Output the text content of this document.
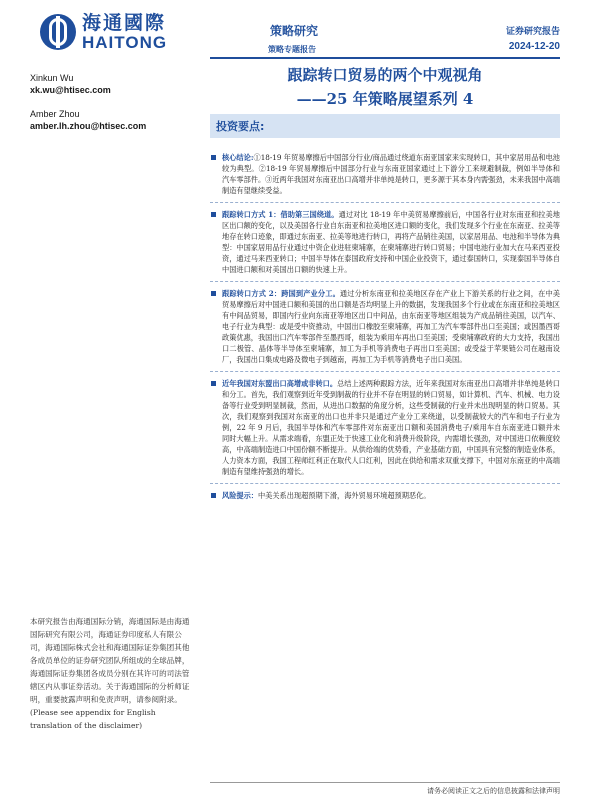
海通國際
HAITONG
策略研究
策略专题报告
证券研究报告
2024-12-20
Xinkun Wu
xk.wu@htisec.com
Amber Zhou
amber.lh.zhou@htisec.com
跟踪转口贸易的两个中观视角
——25 年策略展望系列 4
投资要点:
核心结论:①18-19 年贸易摩擦后中国部分行业/商品通过绕道东南亚国家来实现转口，其中家居用品和电池较为典型。②18-19 年贸易摩擦后中国部分行业与东南亚国家通过上下游分工来规避制裁，例如半导体和汽车零部件。③近两年我国对东南亚出口高增并非单纯是转口，更多源于其本身内需强劲，未来我国中高端制造有望继续受益。
跟踪转口方式 1：借助第三国绕道。通过对比 18-19 年中美贸易摩擦前后，中国各行业对东南亚和拉美地区出口额的变化，以及美国各行业自东南亚和拉美地区进口额的变化，我们发现多个行业在东南亚、拉美等地存在转口迹象，即通过东南亚、拉美等地进行转口，再将产品销往美国，以家居用品、电池和半导体为典型：中国家居用品行业通过中资企业进驻柬埔寨，在柬埔寨进行转口贸易；中国电池行业加大在马来西亚投资，通过马来西亚转口；中国半导体在泰国政府支持和中国企业投资下，通过泰国转口，实现泰国半导体自中国进口额和对美国出口额的快速上升。
跟踪转口方式 2：跨国到产业分工。通过分析东南亚和拉美地区存在产业上下游关系的行业之间，在中美贸易摩擦后对中国进口额和美国的出口额是否均明显上升的数据，发现我国多个行业或在东南亚和拉美地区有中间品贸易，即国内行业向东南亚等地区出口中间品，由东南亚等地区组装为产成品销往美国，以汽车、电子行业为典型：或是受中资推动，中国出口橡胶至柬埔寨，再加工为汽车零部件出口至美国；或因墨西哥政策优惠，我国出口汽车零部件至墨西哥，组装为乘用车再出口至美国；受柬埔寨政府的大力支持，我国出口二极管、晶体等半导体至柬埔寨，加工为手机等消费电子再出口至美国；或受益于苹果链公司在越南设厂，我国出口集成电路及微电子到越南，再加工为手机等消费电子出口美国。
近年我国对东盟出口高增或非转口。总结上述两种跟踪方法，近年来我国对东南亚出口高增并非单纯是转口和分工。首先，我们观察到近年受到制裁的行业并不存在明显的转口贸易，如计算机、汽车、机械、电力设备等行业受到明显制裁，然而，从进出口数据的角度分析，这些受制裁的行业并未出现明显的转口贸易。其次，我们观察到我国对东南亚的出口也并非只是通过产业分工来绕道，以受制裁较大的汽车和电子行业为例，22 年 9 月后，我国半导体和汽车零部件对东南亚出口额和美国消费电子/乘用车自东南亚进口额并未同时大幅上升。从需求端看，东盟正处于快速工业化和消费升级阶段，内需增长强劲，对中国进口依赖度较高，中高端制造进口中国份额不断提升。从供给端的优势看，产业基础方面，中国具有完整的制造业体系，人力资本方面，我国工程师红利正在取代人口红利，因此在供给和需求双重支撑下，中国对东南亚的中高端制造有望维持强劲的增长。
风险提示：中美关系出现超预期下滑，海外贸易环境超预期恶化。
本研究报告由海通国际分销，海通国际是由海通国际研究有限公司，海通证券印度私人有限公司，海通国际株式会社和海通国际证券集团其他各成员单位的证券研究团队所组成的全球品牌，海通国际证券集团各成员分别在其许可的司法管辖区内从事证券活动。关于海通国际的分析师证明，重要披露声明和免责声明，请参阅附录。(Please see appendix for English translation of the disclaimer)
请务必阅读正文之后的信息披露和法律声明
